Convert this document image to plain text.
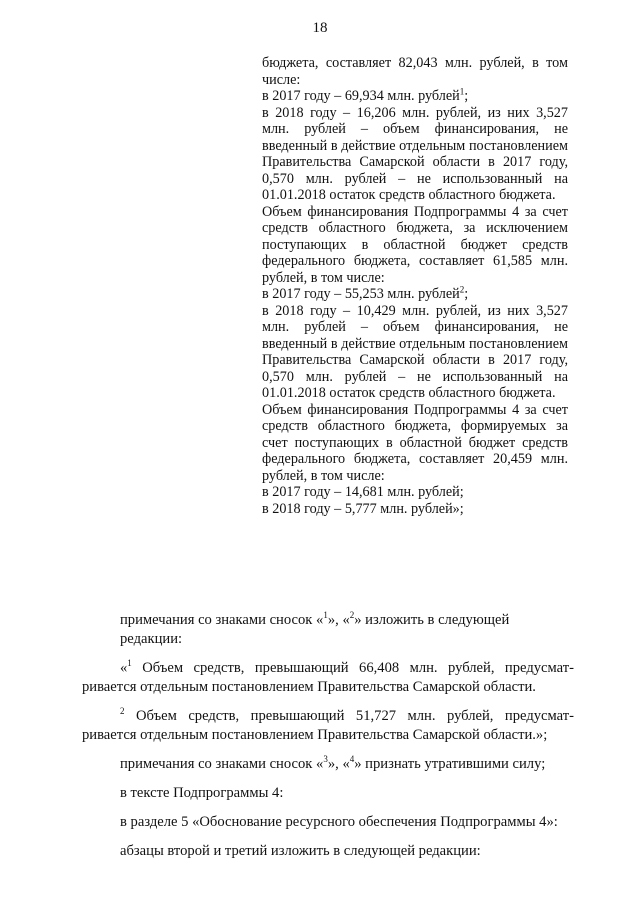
18

бюджета, составляет 82,043 млн. рублей, в том числе:

в 2017 году – 69,934 млн. рублей$^1$;

в 2018 году – 16,206 млн. рублей, из них 3,527 млн. рублей – объем финансирования, не введенный в действие отдельным постановлением Правительства Самарской области в 2017 году, 0,570 млн. рублей – не использованный на 01.01.2018 остаток средств областного бюджета.

Объем финансирования Подпрограммы 4 за счет средств областного бюджета, за исключением поступающих в областной бюджет средств федерального бюджета, составляет 61,585 млн. рублей, в том числе:

в 2017 году – 55,253 млн. рублей$^2$;

в 2018 году – 10,429 млн. рублей, из них 3,527 млн. рублей – объем финансирования, не введенный в действие отдельным постановлением Правительства Самарской области в 2017 году, 0,570 млн. рублей – не использованный на 01.01.2018 остаток средств областного бюджета.

Объем финансирования Подпрограммы 4 за счет средств областного бюджета, формируемых за счет поступающих в областной бюджет средств федерального бюджета, составляет 20,459 млн. рублей, в том числе:

в 2017 году – 14,681 млн. рублей;

в 2018 году – 5,777 млн. рублей»;

примечания со знаками сносок «$^1$», «$^2$» изложить в следующей редакции:

«$^1$ Объем средств, превышающий 66,408 млн. рублей, предусмат-

ривается отдельным постановлением Правительства Самарской области.

$^2$ Объем средств, превышающий 51,727 млн. рублей, предусмат-

ривается отдельным постановлением Правительства Самарской области.»;

примечания со знаками сносок «$^3$», «$^4$» признать утратившими силу;

в тексте Подпрограммы 4:

в разделе 5 «Обоснование ресурсного обеспечения Подпрограммы 4»:

абзацы второй и третий изложить в следующей редакции:
